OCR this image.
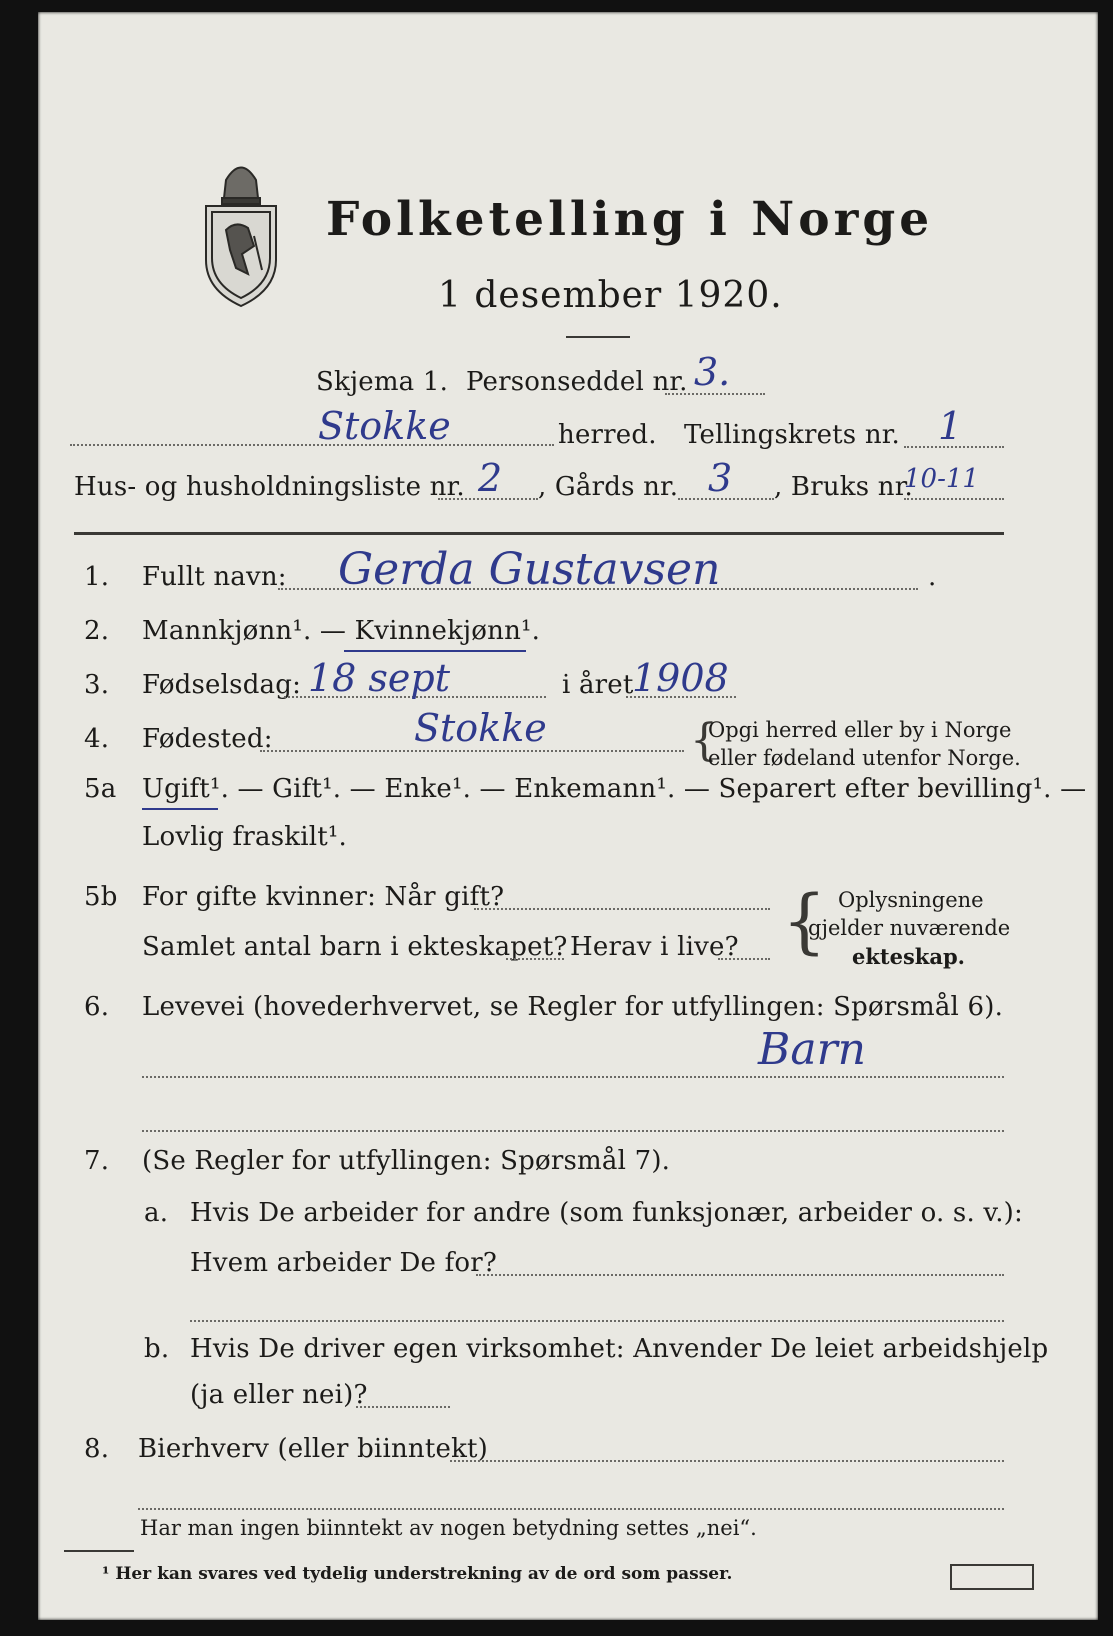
Folketelling i Norge
1 desember 1920.
Skjema 1. Personseddel nr. 3.
Stokke	herred. Tellingskrets nr. 1
Hus- og husholdningsliste nr. 2 , Gårds nr. 3 , Bruks nr.
10-11
1. Fullt navn: Gerda Gustavsen	.
2. Mannkjønn¹. — Kvinnekjønn¹.
3. Fødselsdag: 18 sept	i året
1908
4. Fødested:	Stokke	{
Opgi herred eller by i Norge
eller fødeland utenfor Norge.
5a Ugift¹. — Gift¹. — Enke¹. — Enkemann¹. — Separert efter bevilling¹. —
Lovlig fraskilt¹.
5b For gifte kvinner: Når gift?
Samlet antal barn i ekteskapet? Herav i live? { Oplysningene
gjelder nuværende
ekteskap.
6. Levevei (hovederhvervet, se Regler for utfyllingen: Spørsmål 6).
Barn
7. (Se Regler for utfyllingen: Spørsmål 7).
a. Hvis De arbeider for andre (som funksjonær, arbeider o. s. v.):
Hvem arbeider De for?
b. Hvis De driver egen virksomhet: Anvender De leiet arbeidshjelp
(ja eller nei)?
8. Bierhverv (eller biinntekt)
Har man ingen biinntekt av nogen betydning settes „nei“.
¹ Her kan svares ved tydelig understrekning av de ord som passer.
